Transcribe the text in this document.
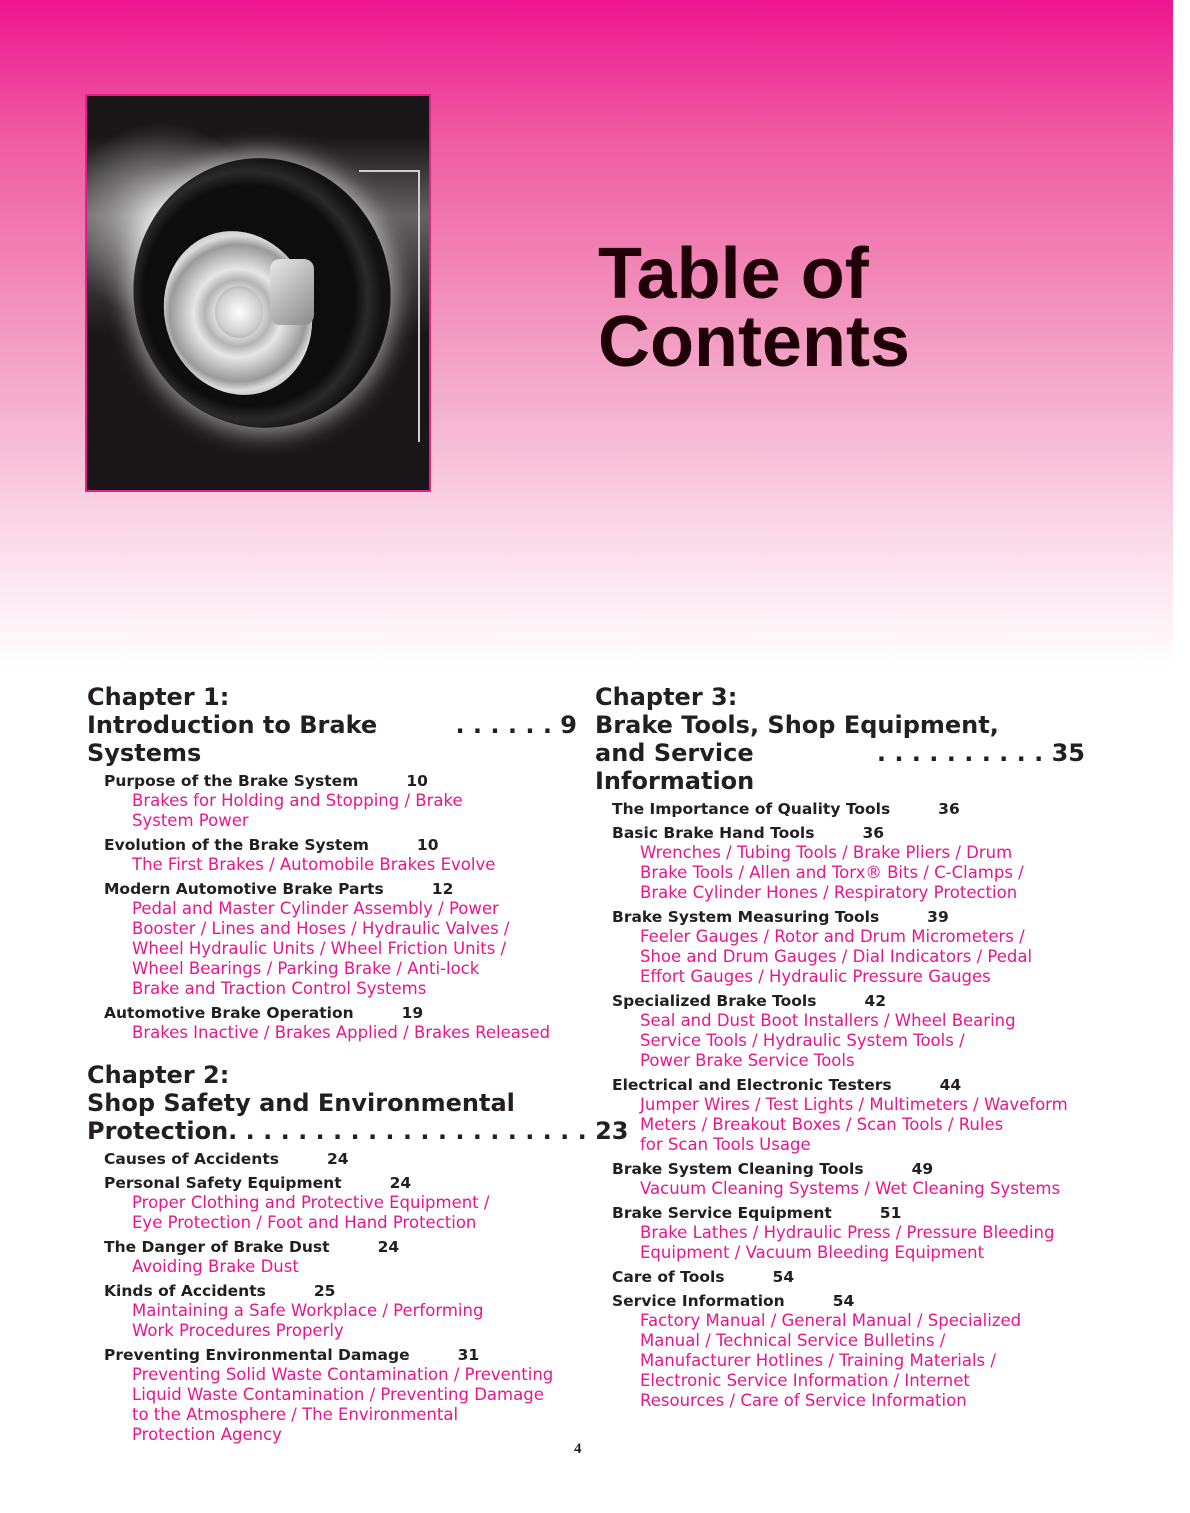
Table of
Contents
Chapter 1:
Introduction to Brake Systems
. . . . . . 9
Purpose of the Brake System	10
Brakes for Holding and Stopping / Brake
System Power
Evolution of the Brake System	10
The First Brakes / Automobile Brakes Evolve
Modern Automotive Brake Parts	12
Pedal and Master Cylinder Assembly / Power
Booster / Lines and Hoses / Hydraulic Valves /
Wheel Hydraulic Units / Wheel Friction Units /
Wheel Bearings / Parking Brake / Anti-lock
Brake and Traction Control Systems
Automotive Brake Operation	19
Brakes Inactive / Brakes Applied / Brakes Released
Chapter 2:
Shop Safety and Environmental
Protection . . . . . . . . . . . . . . . . . . . . . 23
Causes of Accidents	24
Personal Safety Equipment	24
Proper Clothing and Protective Equipment /
Eye Protection / Foot and Hand Protection
The Danger of Brake Dust	24
Avoiding Brake Dust
Kinds of Accidents	25
Maintaining a Safe Workplace / Performing
Work Procedures Properly
Preventing Environmental Damage	31
Preventing Solid Waste Contamination / Preventing
Liquid Waste Contamination / Preventing Damage
to the Atmosphere / The Environmental
Protection Agency
Chapter 3:
Brake Tools, Shop Equipment,
and Service Information
. . . . . . . . . . 35
The Importance of Quality Tools	36
Basic Brake Hand Tools	36
Wrenches / Tubing Tools / Brake Pliers / Drum
Brake Tools / Allen and Torx® Bits / C-Clamps /
Brake Cylinder Hones / Respiratory Protection
Brake System Measuring Tools	39
Feeler Gauges / Rotor and Drum Micrometers /
Shoe and Drum Gauges / Dial Indicators / Pedal
Effort Gauges / Hydraulic Pressure Gauges
Specialized Brake Tools	42
Seal and Dust Boot Installers / Wheel Bearing
Service Tools / Hydraulic System Tools /
Power Brake Service Tools
Electrical and Electronic Testers	44
Jumper Wires / Test Lights / Multimeters / Waveform
Meters / Breakout Boxes / Scan Tools / Rules
for Scan Tools Usage
Brake System Cleaning Tools	49
Vacuum Cleaning Systems / Wet Cleaning Systems
Brake Service Equipment	51
Brake Lathes / Hydraulic Press / Pressure Bleeding
Equipment / Vacuum Bleeding Equipment
Care of Tools	54
Service Information	54
Factory Manual / General Manual / Specialized
Manual / Technical Service Bulletins /
Manufacturer Hotlines / Training Materials /
Electronic Service Information / Internet
Resources / Care of Service Information
4
